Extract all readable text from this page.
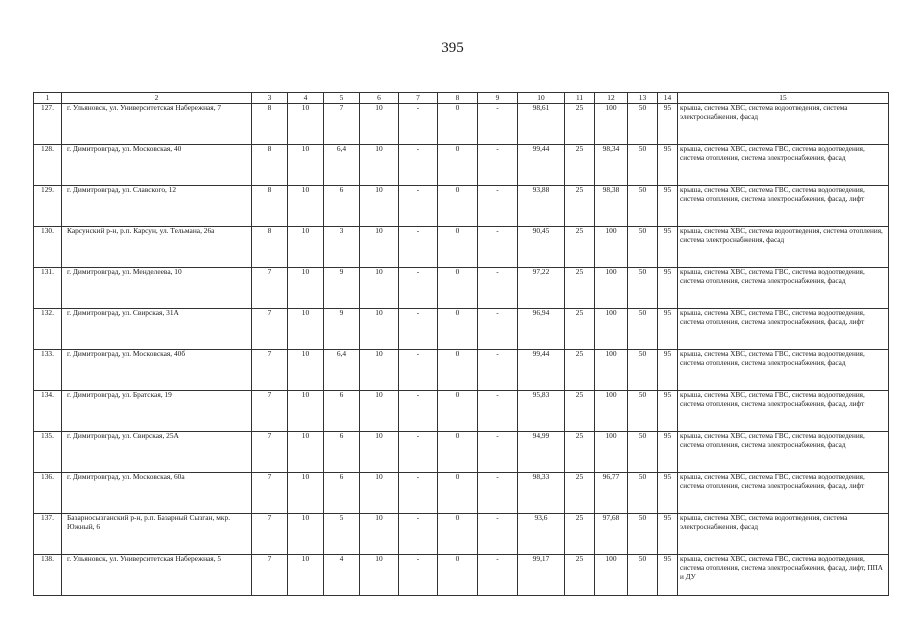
395
1	2	3	4	5	6	7	8	9	10	11	12	13	14	15
127.	г. Ульяновск, ул. Университетская Набережная, 7	8	10	7	10	-	0	-	98,61	25	100	50	95	крыша, система ХВС, система водоотведения, система электроснабжения, фасад
128.	г. Димитровград, ул. Московская, 40	8	10	6,4	10	-	0	-	99,44	25	98,34	50	95	крыша, система ХВС, система ГВС, система водоотведения, система отопления, система электроснабжения, фасад
129.	г. Димитровград, ул. Славского, 12	8	10	6	10	-	0	-	93,88	25	98,38	50	95	крыша, система ХВС, система ГВС, система водоотведения, система отопления, система электроснабжения, фасад, лифт
130.	Карсунский р-н, р.п. Карсун, ул. Тельмана, 26а	8	10	3	10	-	0	-	90,45	25	100	50	95	крыша, система ХВС, система водоотведения, система отопления, система электроснабжения, фасад
131.	г. Димитровград, ул. Менделеева, 10	7	10	9	10	-	0	-	97,22	25	100	50	95	крыша, система ХВС, система ГВС, система водоотведения, система отопления, система электроснабжения, фасад
132.	г. Димитровград, ул. Свирская, 31А	7	10	9	10	-	0	-	96,94	25	100	50	95	крыша, система ХВС, система ГВС, система водоотведения, система отопления, система электроснабжения, фасад, лифт
133.	г. Димитровград, ул. Московская, 40б	7	10	6,4	10	-	0	-	99,44	25	100	50	95	крыша, система ХВС, система ГВС, система водоотведения, система отопления, система электроснабжения, фасад
134.	г. Димитровград, ул. Братская, 19	7	10	6	10	-	0	-	95,83	25	100	50	95	крыша, система ХВС, система ГВС, система водоотведения, система отопления, система электроснабжения, фасад, лифт
135.	г. Димитровград, ул. Свирская, 25А	7	10	6	10	-	0	-	94,99	25	100	50	95	крыша, система ХВС, система ГВС, система водоотведения, система отопления, система электроснабжения, фасад
136.	г. Димитровград, ул. Московская, 60а	7	10	6	10	-	0	-	98,33	25	96,77	50	95	крыша, система ХВС, система ГВС, система водоотведения, система отопления, система электроснабжения, фасад, лифт
137.	Базарносызганский р-н, р.п. Базарный Сызган, мкр. Южный, 6	7	10	5	10	-	0	-	93,6	25	97,68	50	95	крыша, система ХВС, система водоотведения, система электроснабжения, фасад
138.	г. Ульяновск, ул. Университетская Набережная, 5	7	10	4	10	-	0	-	99,17	25	100	50	95	крыша, система ХВС, система ГВС, система водоотведения, система отопления, система электроснабжения, фасад, лифт, ППА и ДУ
